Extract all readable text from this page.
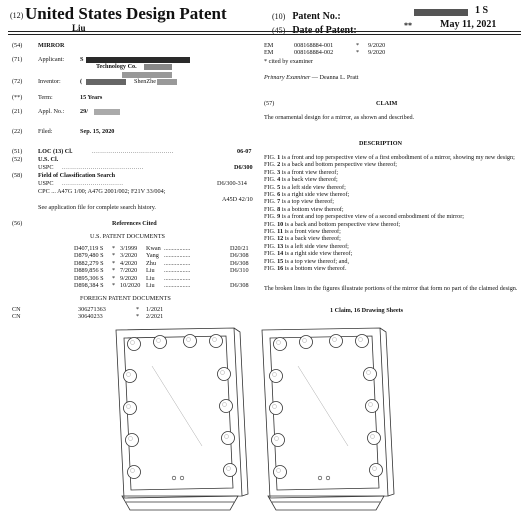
(12) United States Design Patent
Liu
(10) Patent No.:
1 S
(45) Date of Patent:	**	May 11, 2021
(54)	MIRROR
(71)	Applicant:	S
Technology Co.
(72)	Inventor:	(	ShenZhe
(**)	Term:	15 Years
(21)	Appl. No.:	29/
(22)	Filed:	Sep. 15, 2020
(51)	LOC (13) Cl.	........................................	06-07
(52)	U.S. Cl.
USPC ........................................	D6/300
(58)	Field of Classification Search
USPC ..............................	D6/300-314
CPC ... A47G 1/00; A47G 2001/002; F21V 33/004;
A45D 42/10
See application file for complete search history.
(56)	References Cited
U.S. PATENT DOCUMENTS
D407,119 S * 3/1999 Kwan .................	D20/21
D879,480 S * 3/2020 Yang .................	D6/308
D882,279 S * 4/2020 Zhu .................	D6/308
D889,856 S * 7/2020 Liu .................	D6/310
D895,306 S * 9/2020 Liu .................
D898,384 S * 10/2020 Liu .................	D6/308
FOREIGN PATENT DOCUMENTS
CN	306271363	* 1/2021
CN	30640233	* 2/2021
EM	008168884-001	* 9/2020
EM	008168884-002	* 9/2020
* cited by examiner
Primary Examiner — Deanna L. Pratt
(57)	CLAIM
The ornamental design for a mirror, as shown and described.
DESCRIPTION
FIG. 1 is a front and top perspective view of a first embodiment of a mirror, showing my new design;
FIG. 2 is a back and bottom perspective view thereof;
FIG. 3 is a front view thereof;
FIG. 4 is a back view thereof;
FIG. 5 is a left side view thereof;
FIG. 6 is a right side view thereof;
FIG. 7 is a top view thereof;
FIG. 8 is a bottom view thereof;
FIG. 9 is a front and top perspective view of a second embodiment of the mirror;
FIG. 10 is a back and bottom perspective view thereof;
FIG. 11 is a front view thereof;
FIG. 12 is a back view thereof;
FIG. 13 is a left side view thereof;
FIG. 14 is a right side view thereof;
FIG. 15 is a top view thereof; and,
FIG. 16 is a bottom view thereof.
The broken lines in the figures illustrate portions of the mirror that form no part of the claimed design.
1 Claim, 16 Drawing Sheets
